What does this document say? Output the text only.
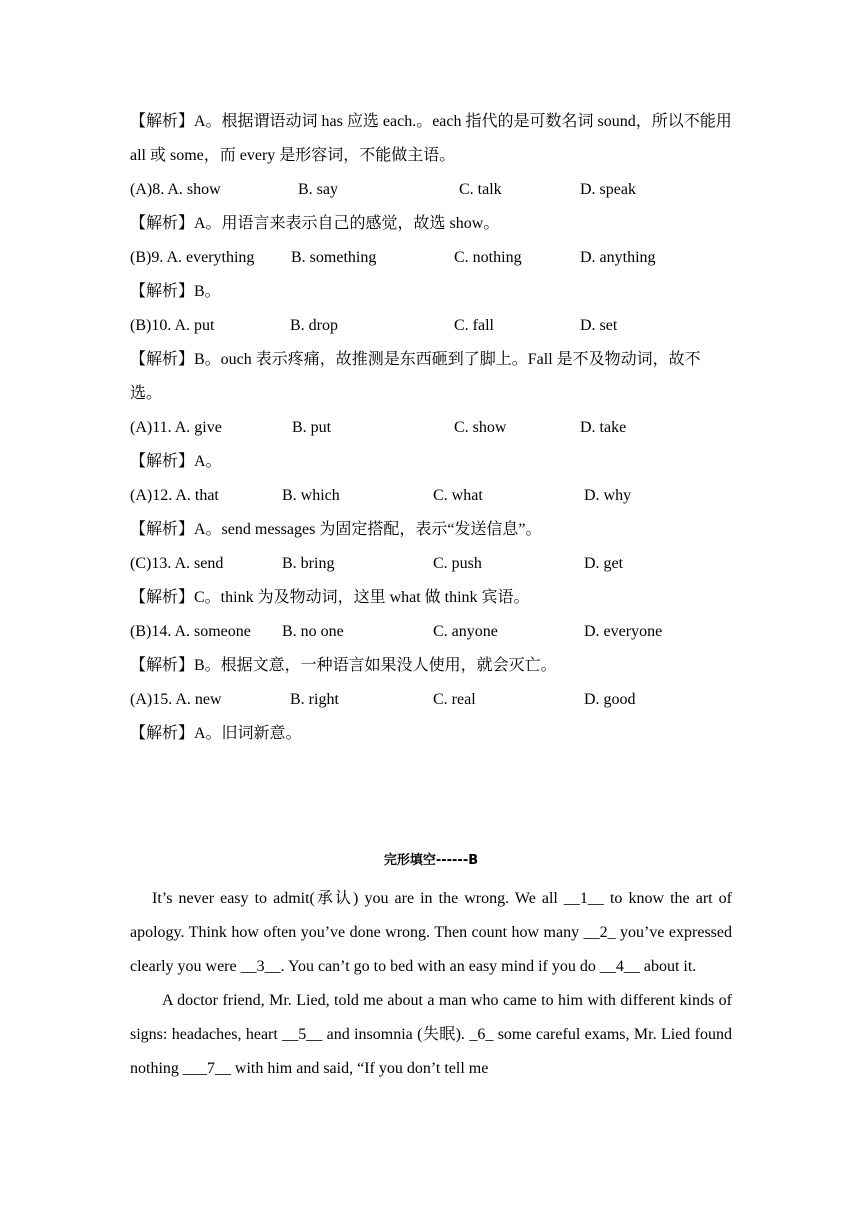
【解析】A。根据谓语动词 has 应选 each.。each 指代的是可数名词 sound，所以不能用 all 或 some，而 every 是形容词，不能做主语。
(A)8. A. show	B. say	C. talk	D. speak
【解析】A。用语言来表示自己的感觉，故选 show。
(B)9. A. everything B. something	C. nothing	D. anything
【解析】B。
(B)10. A. put	B. drop	C. fall	D. set
【解析】B。ouch 表示疼痛，故推测是东西砸到了脚上。Fall 是不及物动词，故不选。
(A)11. A. give	B. put	C. show	D. take
【解析】A。
(A)12. A. that	B. which	C. what	D. why
【解析】A。send messages 为固定搭配，表示“发送信息”。
(C)13. A. send	B. bring	C. push	D. get
【解析】C。think 为及物动词，这里 what 做 think 宾语。
(B)14. A. someone B. no one	C. anyone	D. everyone
【解析】B。根据文意，一种语言如果没人使用，就会灭亡。
(A)15. A. new	B. right	C. real	D. good
【解析】A。旧词新意。
完形填空------B

It’s never easy to admit(承认) you are in the wrong. We all __1__ to know the art of apology. Think how often you’ve done wrong. Then count how many __2_ you’ve expressed clearly you were __3__. You can’t go to bed with an easy mind if you do __4__ about it.

A doctor friend, Mr. Lied, told me about a man who came to him with different kinds of signs: headaches, heart __5__ and insomnia (失眠). _6_ some careful exams, Mr. Lied found nothing ___7__ with him and said, “If you don’t tell me
